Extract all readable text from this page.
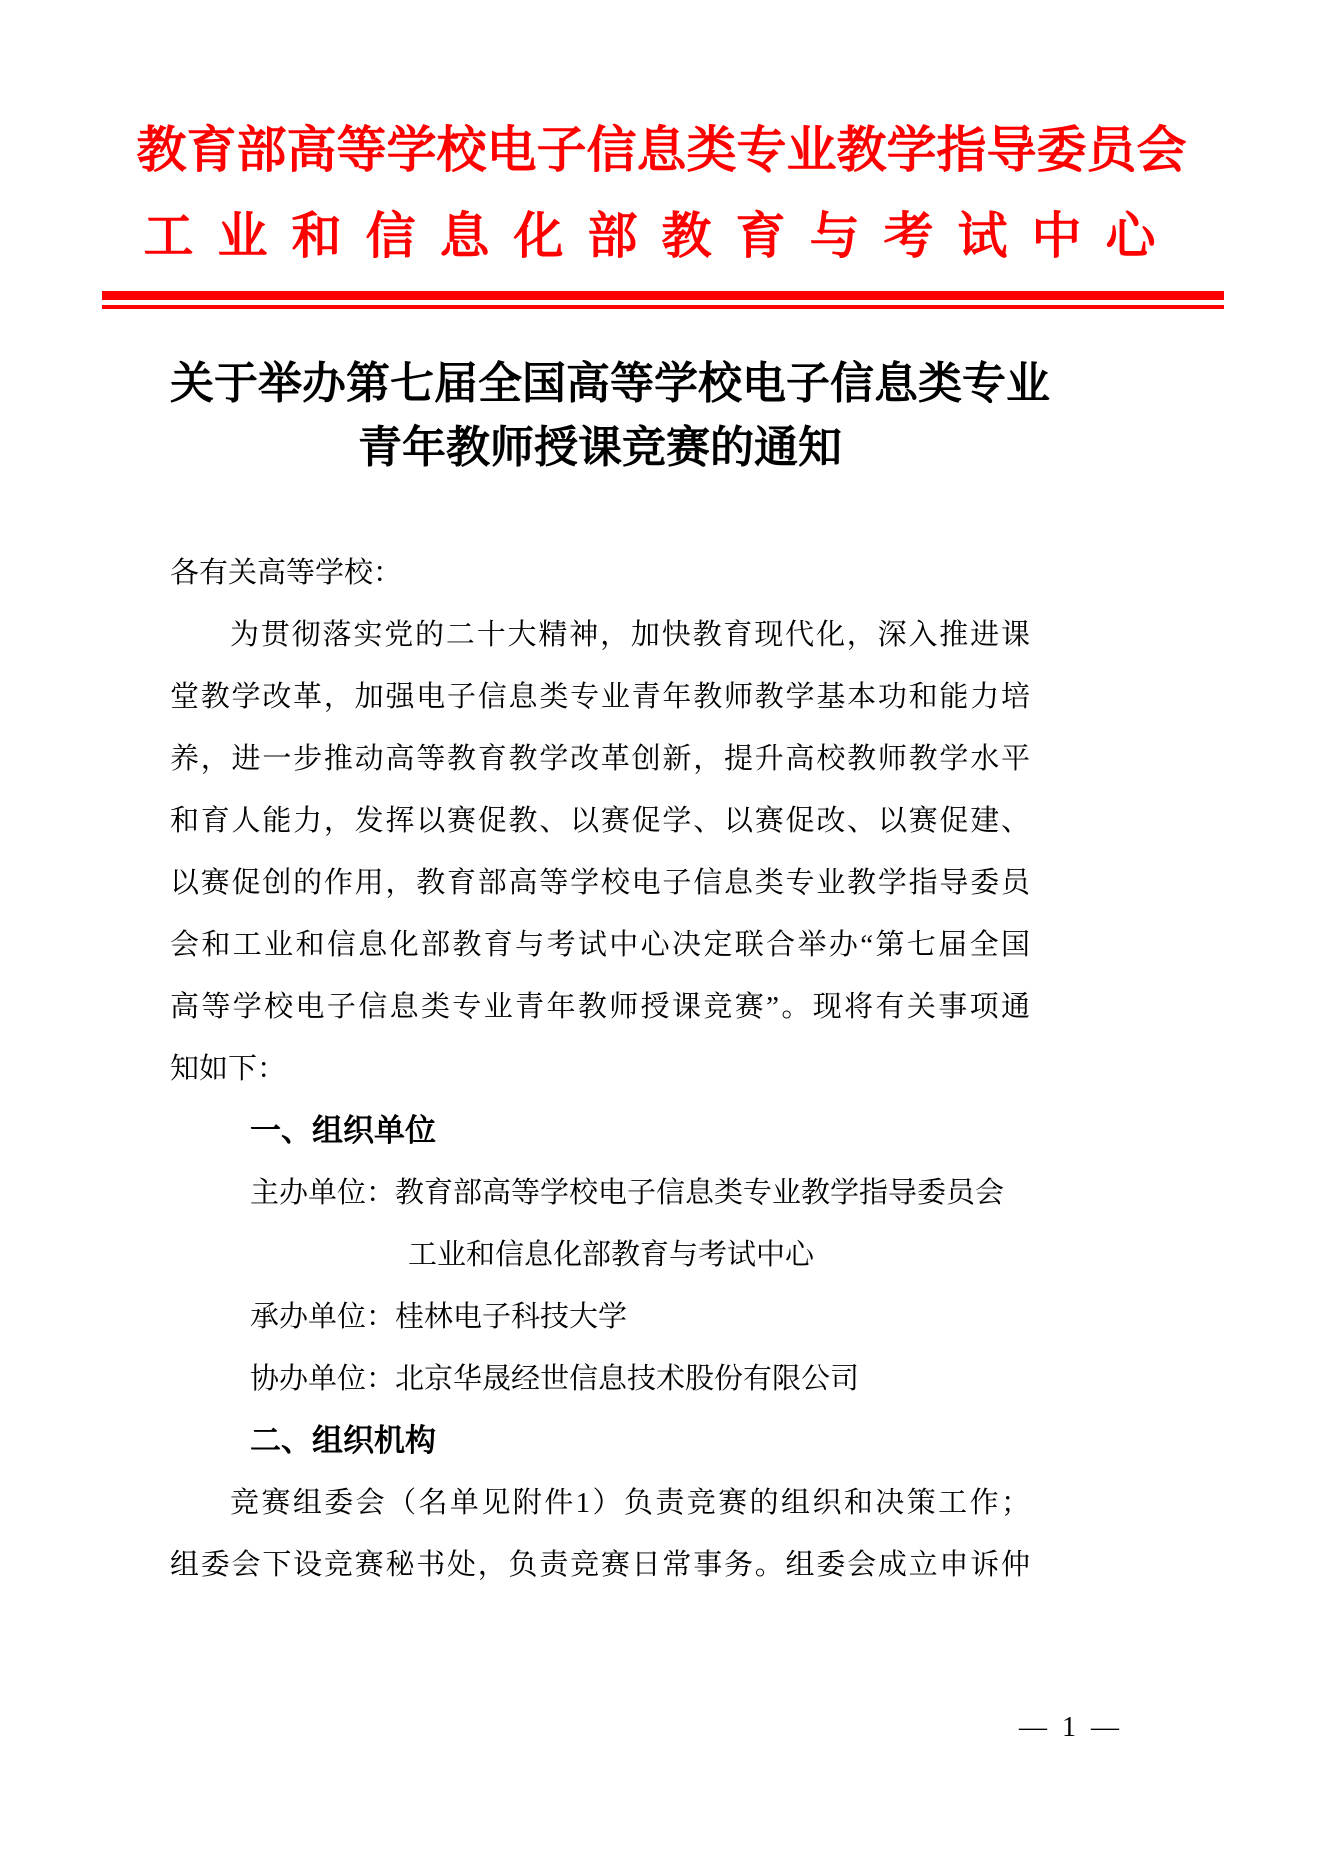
教育部高等学校电子信息类专业教学指导委员会
工业和信息化部教育与考试中心
关于举办第七届全国高等学校电子信息类专业
青年教师授课竞赛的通知
各有关高等学校：
为贯彻落实党的二十大精神，加快教育现代化，深入推进课
堂教学改革，加强电子信息类专业青年教师教学基本功和能力培
养，进一步推动高等教育教学改革创新，提升高校教师教学水平
和育人能力，发挥以赛促教、以赛促学、以赛促改、以赛促建、
以赛促创的作用，教育部高等学校电子信息类专业教学指导委员
会和工业和信息化部教育与考试中心决定联合举办“第七届全国
高等学校电子信息类专业青年教师授课竞赛”。现将有关事项通
知如下：
一、组织单位
主办单位：教育部高等学校电子信息类专业教学指导委员会
工业和信息化部教育与考试中心
承办单位：桂林电子科技大学
协办单位：北京华晟经世信息技术股份有限公司
二、组织机构
竞赛组委会（名单见附件1）负责竞赛的组织和决策工作；
组委会下设竞赛秘书处，负责竞赛日常事务。组委会成立申诉仲
— 1 —
